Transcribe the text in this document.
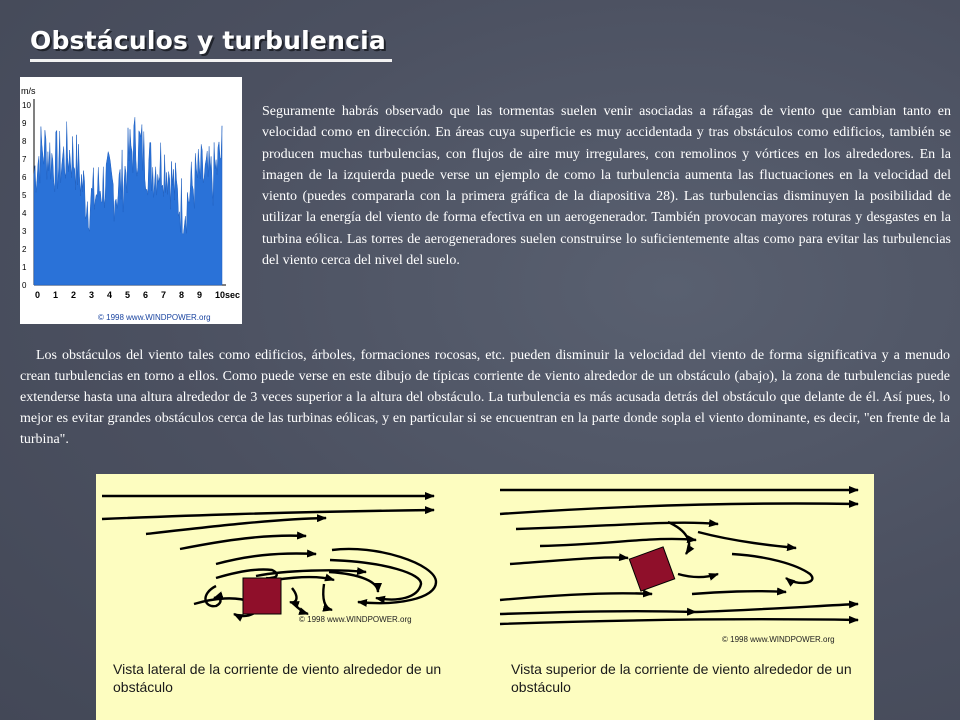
Obstáculos y turbulencia
m/s
10
9
8
7
6
5
4
3
2
1
0
0 1 2 3 4 5 6 7 8 9 10 sec
© 1998 www.WINDPOWER.org

Seguramente habrás observado que las tormentas suelen venir asociadas a ráfagas de viento que cambian tanto en velocidad como en dirección. En áreas cuya superficie es muy accidentada y tras obstáculos como edificios, también se producen muchas turbulencias, con flujos de aire muy irregulares, con remolinos y vórtices en los alrededores. En la imagen de la izquierda puede verse un ejemplo de como la turbulencia aumenta las fluctuaciones en la velocidad del viento (puedes compararla con la primera gráfica de la diapositiva 28). Las turbulencias disminuyen la posibilidad de utilizar la energía del viento de forma efectiva en un aerogenerador. También provocan mayores roturas y desgastes en la turbina eólica. Las torres de aerogeneradores suelen construirse lo suficientemente altas como para evitar las turbulencias del viento cerca del nivel del suelo.

Los obstáculos del viento tales como edificios, árboles, formaciones rocosas, etc. pueden disminuir la velocidad del viento de forma significativa y a menudo crean turbulencias en torno a ellos. Como puede verse en este dibujo de típicas corriente de viento alrededor de un obstáculo (abajo), la zona de turbulencias puede extenderse hasta una altura alrededor de 3 veces superior a la altura del obstáculo. La turbulencia es más acusada detrás del obstáculo que delante de él. Así pues, lo mejor es evitar grandes obstáculos cerca de las turbinas eólicas, y en particular si se encuentran en la parte donde sopla el viento dominante, es decir, "en frente de la turbina".

© 1998 www.WINDPOWER.org
© 1998 www.WINDPOWER.org
Vista lateral de la corriente de viento alrededor de un obstáculo
Vista superior de la corriente de viento alrededor de un obstáculo
